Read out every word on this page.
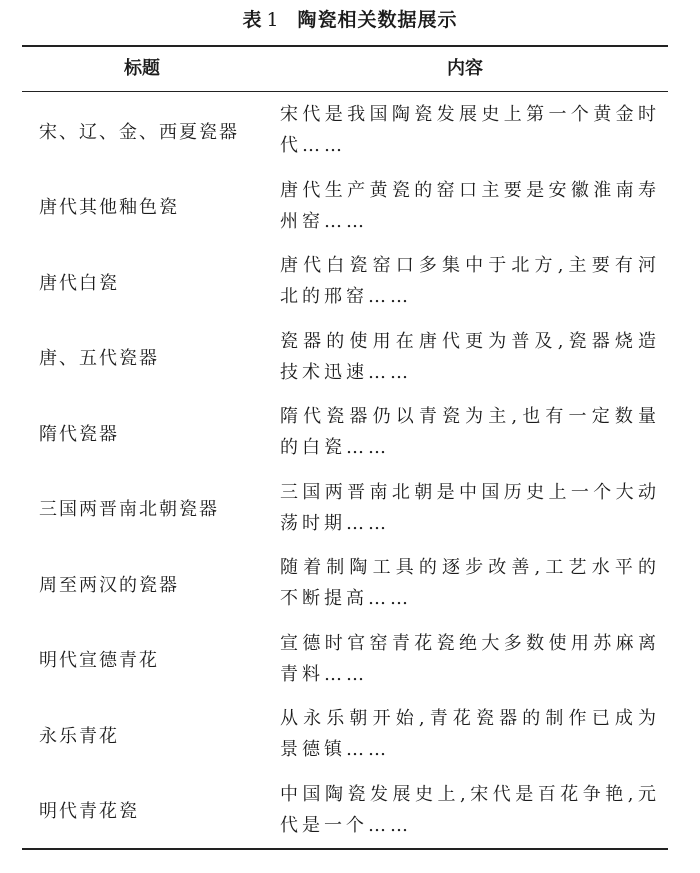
表 1 陶瓷相关数据展示
标题	内容
宋、辽、金、西夏瓷器
宋代是我国陶瓷发展史上第一个黄金时代……
唐代其他釉色瓷
唐代生产黄瓷的窑口主要是安徽淮南寿州窑……
唐代白瓷
唐代白瓷窑口多集中于北方,主要有河北的邢窑……
唐、五代瓷器
瓷器的使用在唐代更为普及,瓷器烧造技术迅速……
隋代瓷器
隋代瓷器仍以青瓷为主,也有一定数量的白瓷……
三国两晋南北朝瓷器
三国两晋南北朝是中国历史上一个大动荡时期……
周至两汉的瓷器
随着制陶工具的逐步改善,工艺水平的不断提高……
明代宣德青花
宣德时官窑青花瓷绝大多数使用苏麻离青料……
永乐青花
从永乐朝开始,青花瓷器的制作已成为景德镇……
明代青花瓷
中国陶瓷发展史上,宋代是百花争艳,元代是一个……
